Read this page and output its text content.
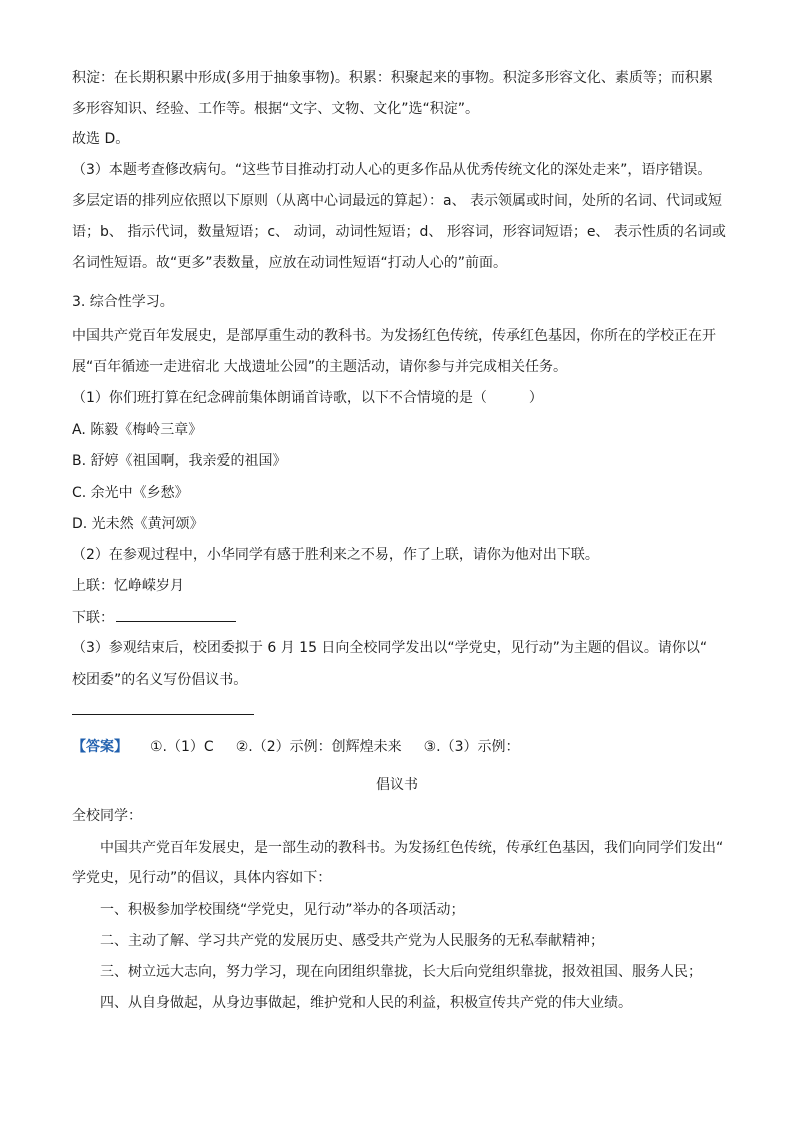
积淀：在长期积累中形成(多用于抽象事物)。积累：积聚起来的事物。积淀多形容文化、素质等；而积累
多形容知识、经验、工作等。根据“文字、文物、文化”选“积淀”。
故选 D。
（3）本题考查修改病句。“这些节目推动打动人心的更多作品从优秀传统文化的深处走来”，语序错误。
多层定语的排列应依照以下原则（从离中心词最远的算起）：a、 表示领属或时间，处所的名词、代词或短
语；b、 指示代词，数量短语；c、 动词，动词性短语；d、 形容词，形容词短语；e、 表示性质的名词或
名词性短语。故“更多”表数量，应放在动词性短语“打动人心的”前面。
3. 综合性学习。
中国共产党百年发展史，是部厚重生动的教科书。为发扬红色传统，传承红色基因，你所在的学校正在开
展“百年循迹一走进宿北 大战遗址公园”的主题活动，请你参与并完成相关任务。
（1）你们班打算在纪念碑前集体朗诵首诗歌，以下不合情境的是（　　　）
A. 陈毅《梅岭三章》
B. 舒婷《祖国啊，我亲爱的祖国》
C. 余光中《乡愁》
D. 光未然《黄河颂》
（2）在参观过程中，小华同学有感于胜利来之不易，作了上联，请你为他对出下联。
上联：忆峥嵘岁月
下联：
（3）参观结束后，校团委拟于 6 月 15 日向全校同学发出以“学党史，见行动”为主题的倡议。请你以“
校团委”的名义写份倡议书。
【答案】 ①.（1）C ②.（2）示例：创辉煌未来 ③.（3）示例：
倡议书
全校同学：
中国共产党百年发展史，是一部生动的教科书。为发扬红色传统，传承红色基因，我们向同学们发出“
学党史，见行动”的倡议，具体内容如下：
一、积极参加学校围绕“学党史，见行动”举办的各项活动；
二、主动了解、学习共产党的发展历史、感受共产党为人民服务的无私奉献精神；
三、树立远大志向，努力学习，现在向团组织靠拢，长大后向党组织靠拢，报效祖国、服务人民；
四、从自身做起，从身边事做起，维护党和人民的利益，积极宣传共产党的伟大业绩。
